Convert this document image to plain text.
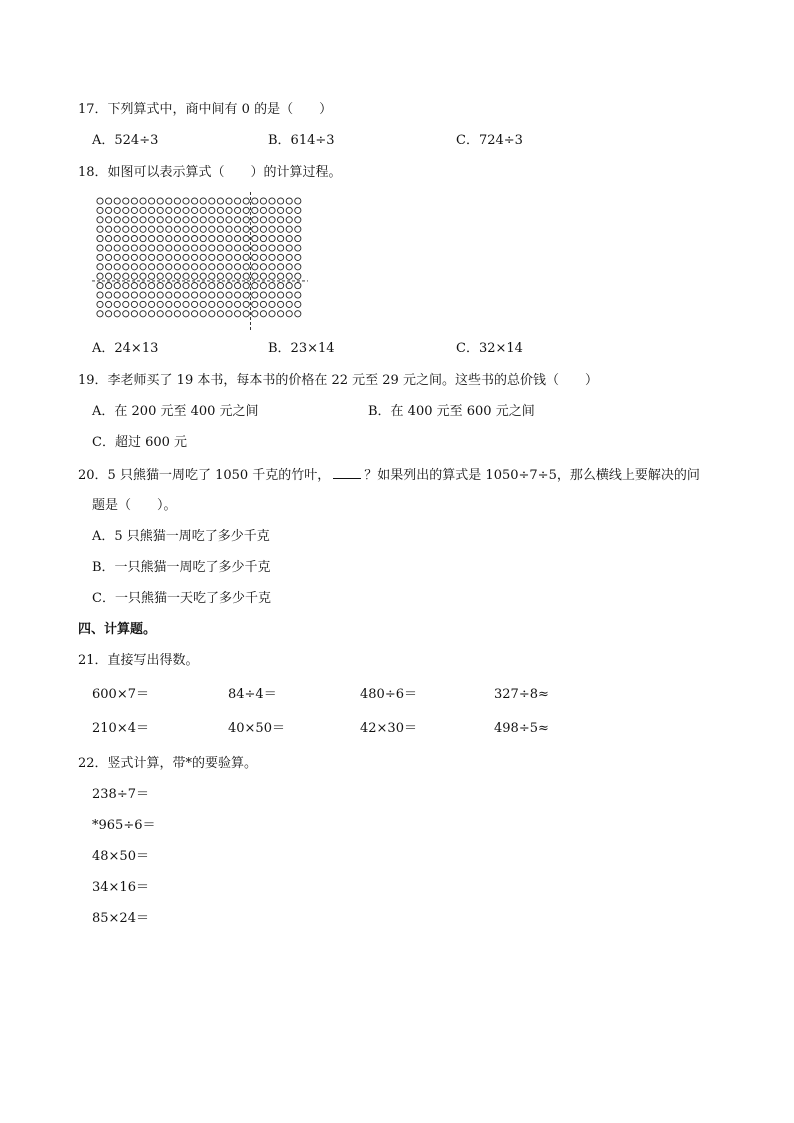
17．下列算式中，商中间有 0 的是（　　）
A．524÷3	B．614÷3	C．724÷3
18．如图可以表示算式（　　）的计算过程。
A．24×13	B．23×14	C．32×14
19．李老师买了 19 本书，每本书的价格在 22 元至 29 元之间。这些书的总价钱（　　）
A．在 200 元至 400 元之间	B．在 400 元至 600 元之间
C．超过 600 元
20．5 只熊猫一周吃了 1050 千克的竹叶，	？如果列出的算式是 1050÷7÷5，那么横线上要解决的问
题是（　　）。
A．5 只熊猫一周吃了多少千克
B．一只熊猫一周吃了多少千克
C．一只熊猫一天吃了多少千克
四、计算题。
21．直接写出得数。
600×7＝	84÷4＝	480÷6＝	327÷8≈
210×4＝	40×50＝	42×30＝	498÷5≈
22．竖式计算，带*的要验算。
238÷7＝
*965÷6＝
48×50＝
34×16＝
85×24＝
